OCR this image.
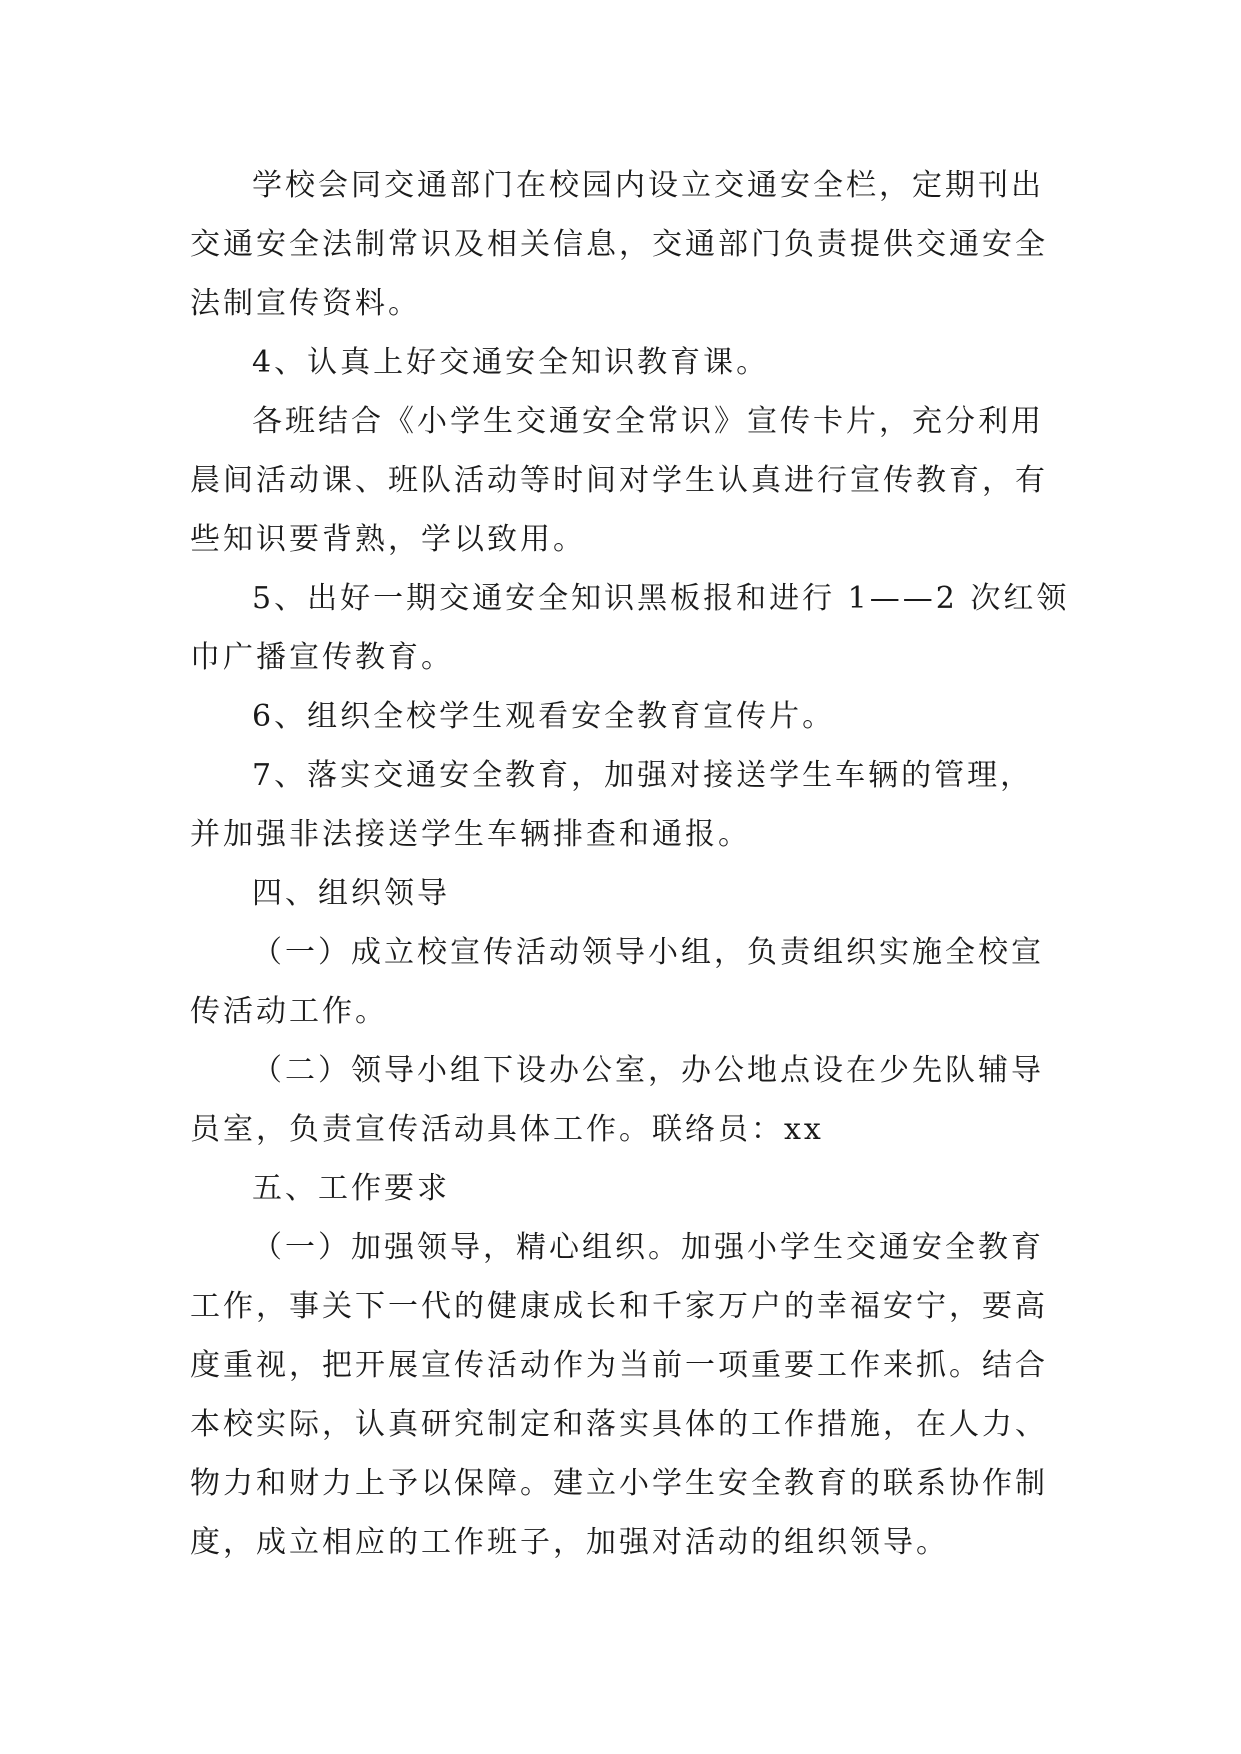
学校会同交通部门在校园内设立交通安全栏，定期刊出
交通安全法制常识及相关信息，交通部门负责提供交通安全
法制宣传资料。
4、认真上好交通安全知识教育课。
各班结合《小学生交通安全常识》宣传卡片，充分利用
晨间活动课、班队活动等时间对学生认真进行宣传教育，有
些知识要背熟，学以致用。
5、出好一期交通安全知识黑板报和进行 1——2 次红领
巾广播宣传教育。
6、组织全校学生观看安全教育宣传片。
7、落实交通安全教育，加强对接送学生车辆的管理，
并加强非法接送学生车辆排查和通报。
四、组织领导
（一）成立校宣传活动领导小组，负责组织实施全校宣
传活动工作。
（二）领导小组下设办公室，办公地点设在少先队辅导
员室，负责宣传活动具体工作。联络员：xx
五、工作要求
（一）加强领导，精心组织。加强小学生交通安全教育
工作，事关下一代的健康成长和千家万户的幸福安宁，要高
度重视，把开展宣传活动作为当前一项重要工作来抓。结合
本校实际，认真研究制定和落实具体的工作措施，在人力、
物力和财力上予以保障。建立小学生安全教育的联系协作制
度，成立相应的工作班子，加强对活动的组织领导。
